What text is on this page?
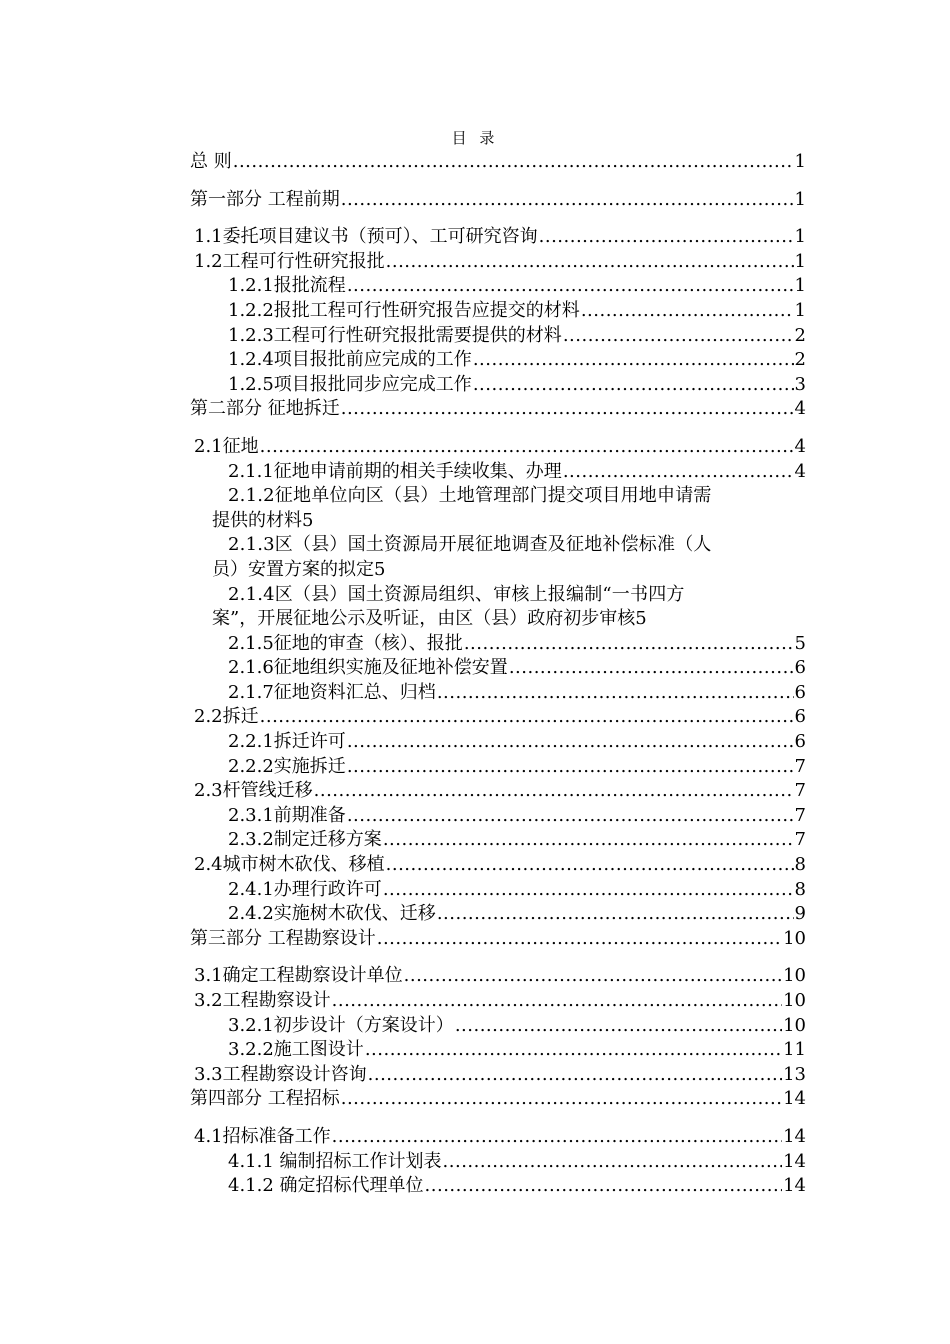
目 录
总 则 .....	1
第一部分 工程前期 .....	1
1.1委托项目建议书（预可）、工可研究咨询 .....	1
1.2工程可行性研究报批 .....	1
1.2.1报批流程 .....	1
1.2.2报批工程可行性研究报告应提交的材料 .....	1
1.2.3工程可行性研究报批需要提供的材料 .....	2
1.2.4项目报批前应完成的工作 .....	2
1.2.5项目报批同步应完成工作 .....	3
第二部分 征地拆迁 .....	4
2.1征地 .....	4
2.1.1征地申请前期的相关手续收集、办理 .....	4
2.1.2征地单位向区（县）土地管理部门提交项目用地申请需
提供的材料 5
2.1.3区（县）国土资源局开展征地调查及征地补偿标准（人
员）安置方案的拟定 5
2.1.4区（县）国土资源局组织、审核上报编制“一书四方
案”，开展征地公示及听证，由区（县）政府初步审核 5
2.1.5征地的审查（核）、报批 .....	5
2.1.6征地组织实施及征地补偿安置 .....	6
2.1.7征地资料汇总、归档 .....	6
2.2拆迁 .....	6
2.2.1拆迁许可 .....	6
2.2.2实施拆迁 .....	7
2.3杆管线迁移 .....	7
2.3.1前期准备 .....	7
2.3.2制定迁移方案 .....	7
2.4城市树木砍伐、移植 .....	8
2.4.1办理行政许可 .....	8
2.4.2实施树木砍伐、迁移 .....	9
第三部分 工程勘察设计 .....	10
3.1确定工程勘察设计单位 .....	10
3.2工程勘察设计 .....	10
3.2.1初步设计（方案设计） .....	10
3.2.2施工图设计 .....	11
3.3工程勘察设计咨询 .....	13
第四部分 工程招标 .....	14
4.1招标准备工作 .....	14
4.1.1 编制招标工作计划表 .....	14
4.1.2 确定招标代理单位 .....	14
